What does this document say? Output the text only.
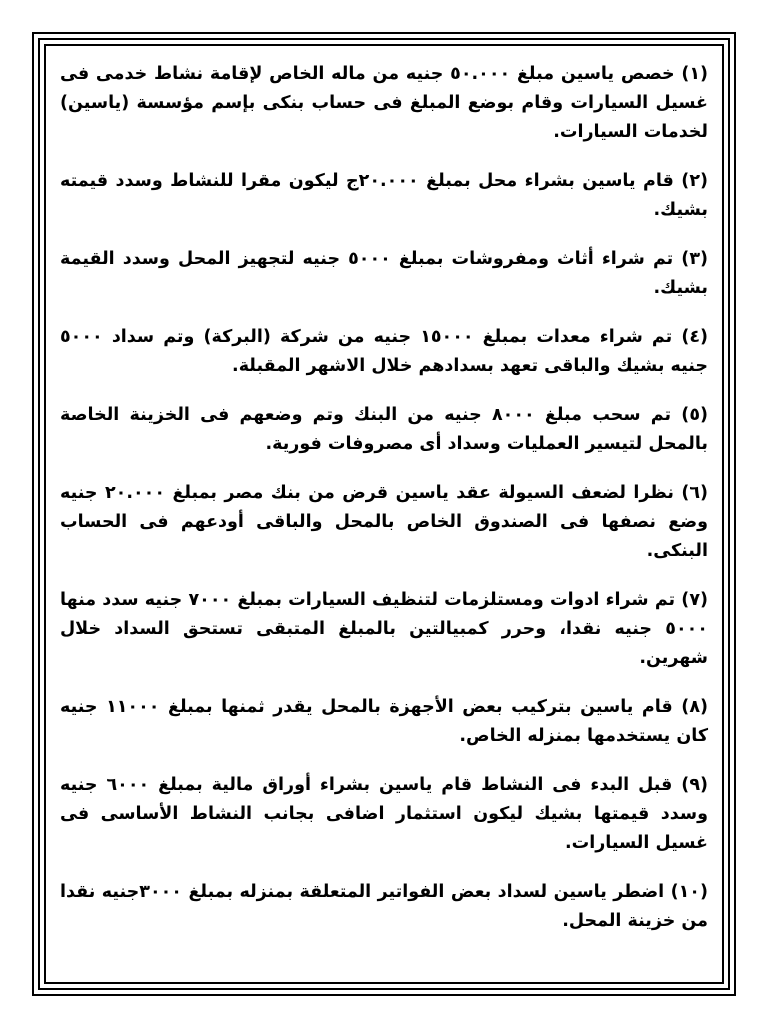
(١) خصص ياسين مبلغ ٥٠.٠٠٠ جنيه من ماله الخاص لإقامة نشاط خدمى فى غسيل السيارات وقام بوضع المبلغ فى حساب بنكى بإسم مؤسسة (ياسين) لخدمات السيارات.

(٢) قام ياسين بشراء محل بمبلغ ٢٠.٠٠٠ج ليكون مقرا للنشاط وسدد قيمته بشيك.

(٣) تم شراء أثاث ومفروشات بمبلغ ٥٠٠٠ جنيه لتجهيز المحل وسدد القيمة بشيك.

(٤) تم شراء معدات بمبلغ ١٥٠٠٠ جنيه من شركة (البركة) وتم سداد ٥٠٠٠ جنيه بشيك والباقى تعهد بسدادهم خلال الاشهر المقبلة.

(٥) تم سحب مبلغ ٨٠٠٠ جنيه من البنك وتم وضعهم فى الخزينة الخاصة بالمحل لتيسير العمليات وسداد أى مصروفات فورية.

(٦) نظرا لضعف السيولة عقد ياسين قرض من بنك مصر بمبلغ ٢٠.٠٠٠ جنيه وضع نصفها فى الصندوق الخاص بالمحل والباقى أودعهم فى الحساب البنكى.

(٧) تم شراء ادوات ومستلزمات لتنظيف السيارات بمبلغ ٧٠٠٠ جنيه سدد منها ٥٠٠٠ جنيه نقدا، وحرر كمبيالتين بالمبلغ المتبقى تستحق السداد خلال شهرين.

(٨) قام ياسين بتركيب بعض الأجهزة بالمحل يقدر ثمنها بمبلغ ١١٠٠٠ جنيه كان يستخدمها بمنزله الخاص.

(٩) قبل البدء فى النشاط قام ياسين بشراء أوراق مالية بمبلغ ٦٠٠٠ جنيه وسدد قيمتها بشيك ليكون استثمار اضافى بجانب النشاط الأساسى فى غسيل السيارات.

(١٠) اضطر ياسين لسداد بعض الفواتير المتعلقة بمنزله بمبلغ ٣٠٠٠جنيه نقدا من خزينة المحل.
